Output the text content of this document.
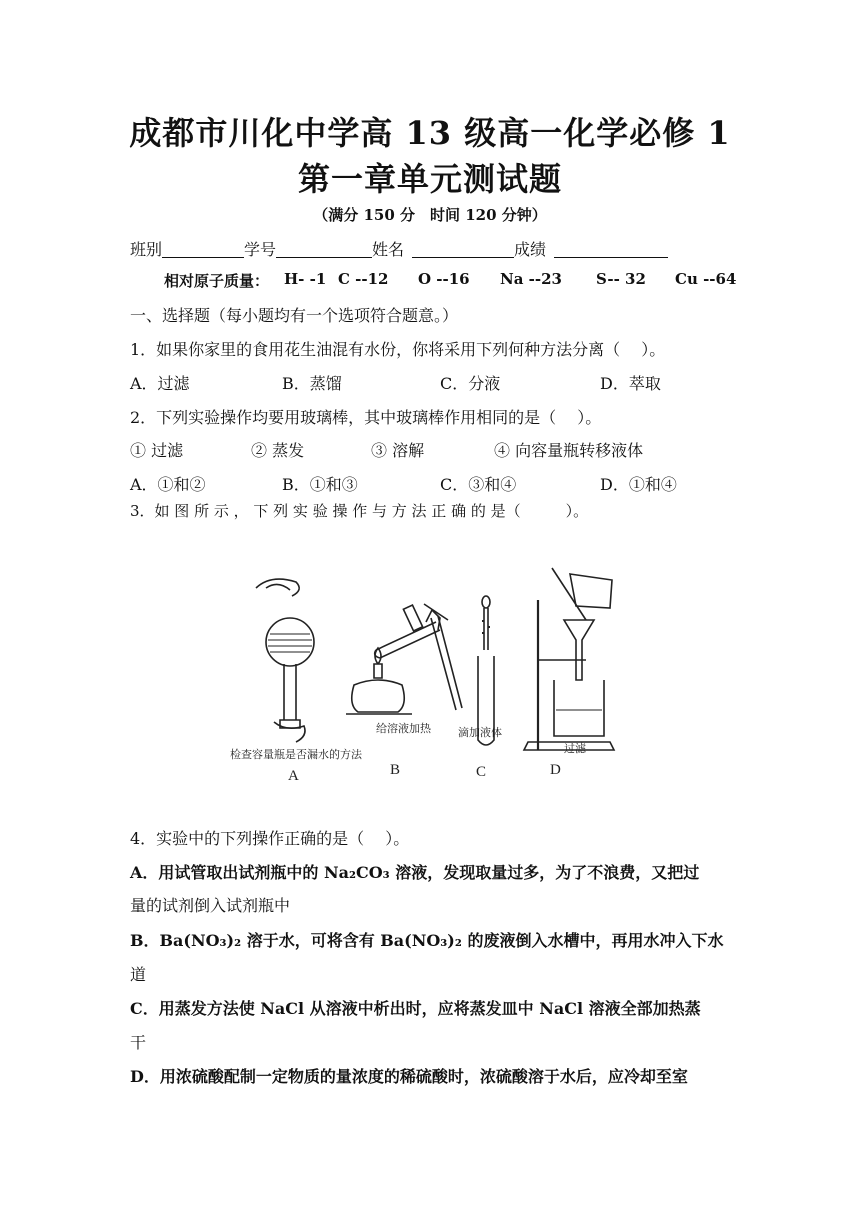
成都市川化中学高 13 级高一化学必修 1
第一章单元测试题
（满分 150 分　时间 120 分钟）
班别	学号	姓名	成绩
相对原子质量： H- -1 C --12 O --16 Na --23 S-- 32 Cu --64
一、选择题（每小题均有一个选项符合题意。）
1．如果你家里的食用花生油混有水份，你将采用下列何种方法分离（　 ）。
A．过滤	B．蒸馏	C．分液	D．萃取
2．下列实验操作均要用玻璃棒，其中玻璃棒作用相同的是（　 ）。
① 过滤	② 蒸发	③ 溶解	④ 向容量瓶转移液体
A．①和②	B．①和③	C．③和④	D．①和④
3．如 图 所 示 ， 下 列 实 验 操 作 与 方 法 正 确 的 是（　　　）。
给溶液加热 滴加液体
过滤
检查容量瓶是否漏水的方法
A	B	C	D
4．实验中的下列操作正确的是（　 ）。
A．用试管取出试剂瓶中的 Na₂CO₃ 溶液，发现取量过多，为了不浪费，又把过
量的试剂倒入试剂瓶中
B．Ba(NO₃)₂ 溶于水，可将含有 Ba(NO₃)₂ 的废液倒入水槽中，再用水冲入下水
道
C．用蒸发方法使 NaCl 从溶液中析出时，应将蒸发皿中 NaCl 溶液全部加热蒸
干
D．用浓硫酸配制一定物质的量浓度的稀硫酸时，浓硫酸溶于水后，应冷却至室
